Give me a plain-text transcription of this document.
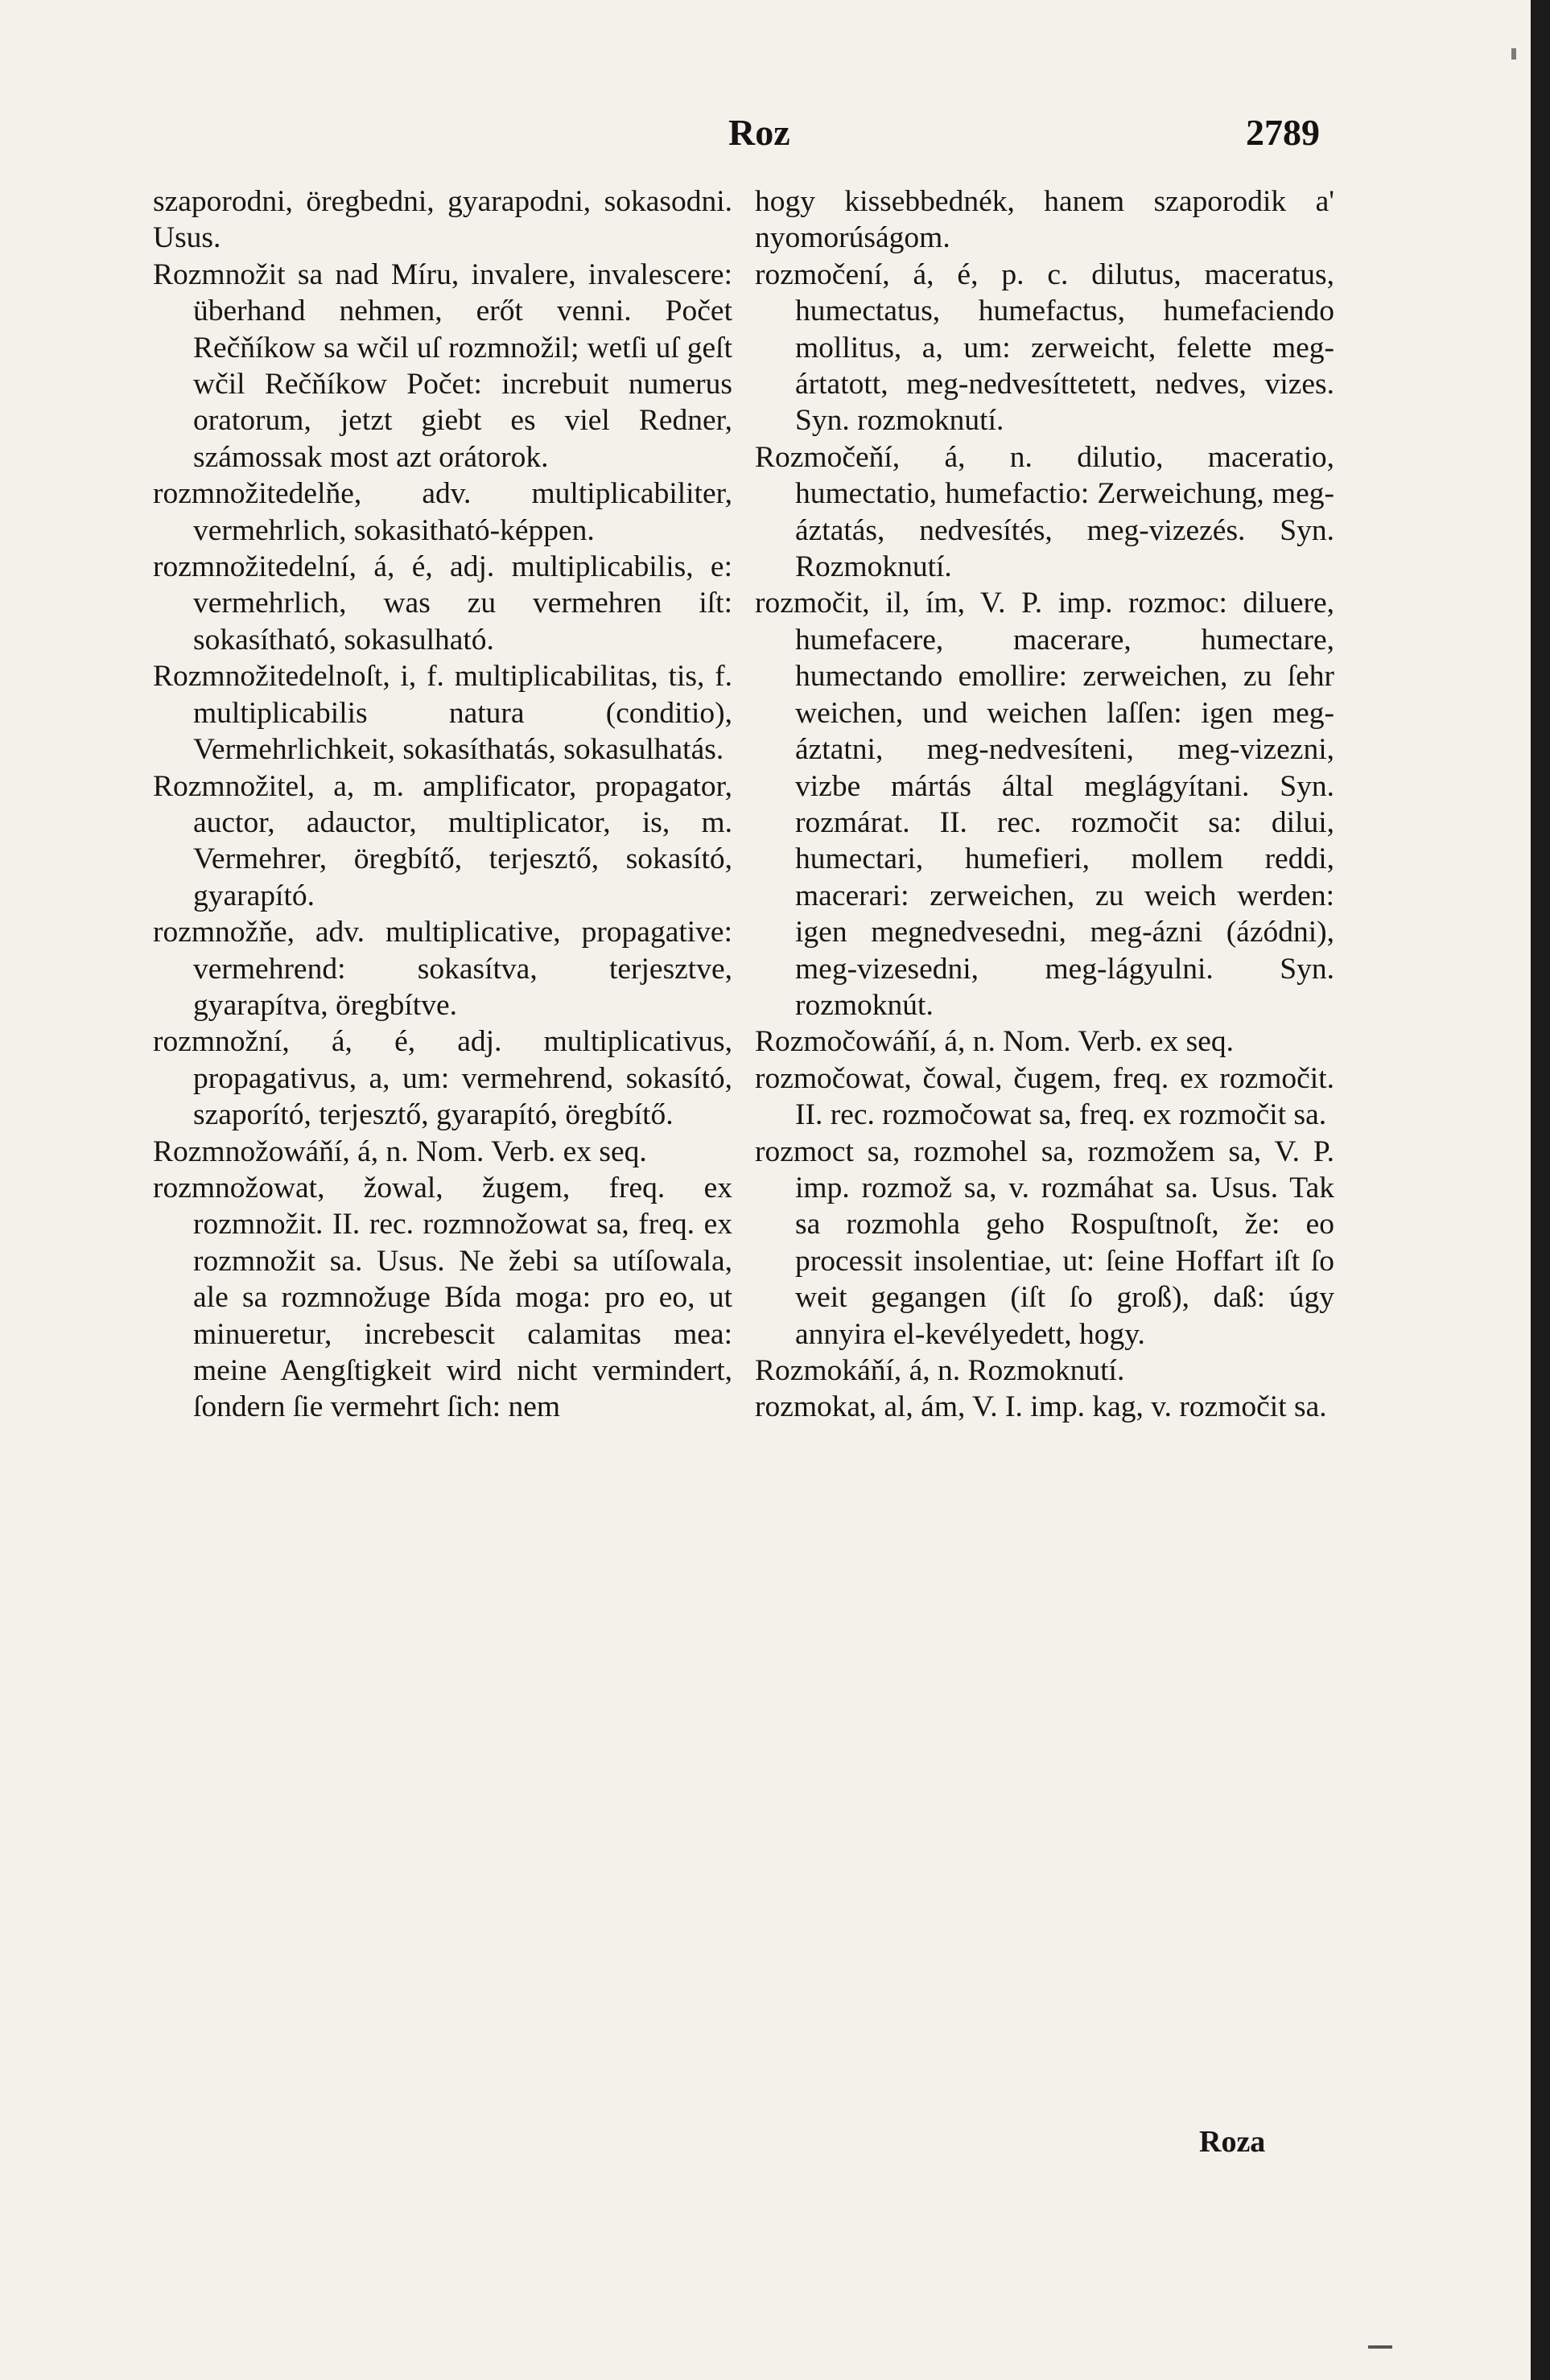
Roz	2789

szaporodni, öregbedni, gyarapodni, sokasodni. Usus.

Rozmnožit sa nad Míru, invalere, invalescere: überhand nehmen, erőt venni. Počet Rečňíkow sa wčil uſ rozmnožil; wetſi uſ geſt wčil Rečňíkow Počet: increbuit numerus oratorum, jetzt giebt es viel Redner, számossak most azt orátorok.

rozmnožitedelňe, adv. multiplicabiliter, vermehrlich, sokasitható-képpen.

rozmnožitedelní, á, é, adj. multiplicabilis, e: vermehrlich, was zu vermehren iſt: sokasítható, sokasulható.

Rozmnožitedelnoſt, i, f. multiplicabilitas, tis, f. multiplicabilis natura (conditio), Vermehrlichkeit, sokasíthatás, sokasulhatás.

Rozmnožitel, a, m. amplificator, propagator, auctor, adauctor, multiplicator, is, m. Vermehrer, öregbítő, terjesztő, sokasító, gyarapító.

rozmnožňe, adv. multiplicative, propagative: vermehrend: sokasítva, terjesztve, gyarapítva, öregbítve.

rozmnožní, á, é, adj. multiplicativus, propagativus, a, um: vermehrend, sokasító, szaporító, terjesztő, gyarapító, öregbítő.

Rozmnožowáňí, á, n. Nom. Verb. ex seq.

rozmnožowat, žowal, žugem, freq. ex rozmnožit. II. rec. rozmnožowat sa, freq. ex rozmnožit sa. Usus. Ne žebi sa utíſowala, ale sa rozmnožuge Bída moga: pro eo, ut minueretur, increbescit calamitas mea: meine Aengſtigkeit wird nicht vermindert, ſondern ſie vermehrt ſich: nem

hogy kissebbednék, hanem szaporodik a' nyomorúságom.

rozmočení, á, é, p. c. dilutus, maceratus, humectatus, humefactus, humefaciendo mollitus, a, um: zerweicht, felette meg-ártatott, meg-nedvesíttetett, nedves, vizes. Syn. rozmoknutí.

Rozmočeňí, á, n. dilutio, maceratio, humectatio, humefactio: Zerweichung, meg-áztatás, nedvesítés, meg-vizezés. Syn. Rozmoknutí.

rozmočit, il, ím, V. P. imp. rozmoc: diluere, humefacere, macerare, humectare, humectando emollire: zerweichen, zu ſehr weichen, und weichen laſſen: igen meg-áztatni, meg-nedvesíteni, meg-vizezni, vizbe mártás által meglágyítani. Syn. rozmárat. II. rec. rozmočit sa: dilui, humectari, humefieri, mollem reddi, macerari: zerweichen, zu weich werden: igen megnedvesedni, meg-ázni (ázódni), meg-vizesedni, meg-lágyulni. Syn. rozmoknút.

Rozmočowáňí, á, n. Nom. Verb. ex seq.

rozmočowat, čowal, čugem, freq. ex rozmočit. II. rec. rozmočowat sa, freq. ex rozmočit sa.

rozmoct sa, rozmohel sa, rozmožem sa, V. P. imp. rozmož sa, v. rozmáhat sa. Usus. Tak sa rozmohla geho Rospuſtnoſt, že: eo processit insolentiae, ut: ſeine Hoffart iſt ſo weit gegangen (iſt ſo groß), daß: úgy annyira el-kevélyedett, hogy.

Rozmokáňí, á, n. Rozmoknutí.

rozmokat, al, ám, V. I. imp. kag, v. rozmočit sa.

Roza
